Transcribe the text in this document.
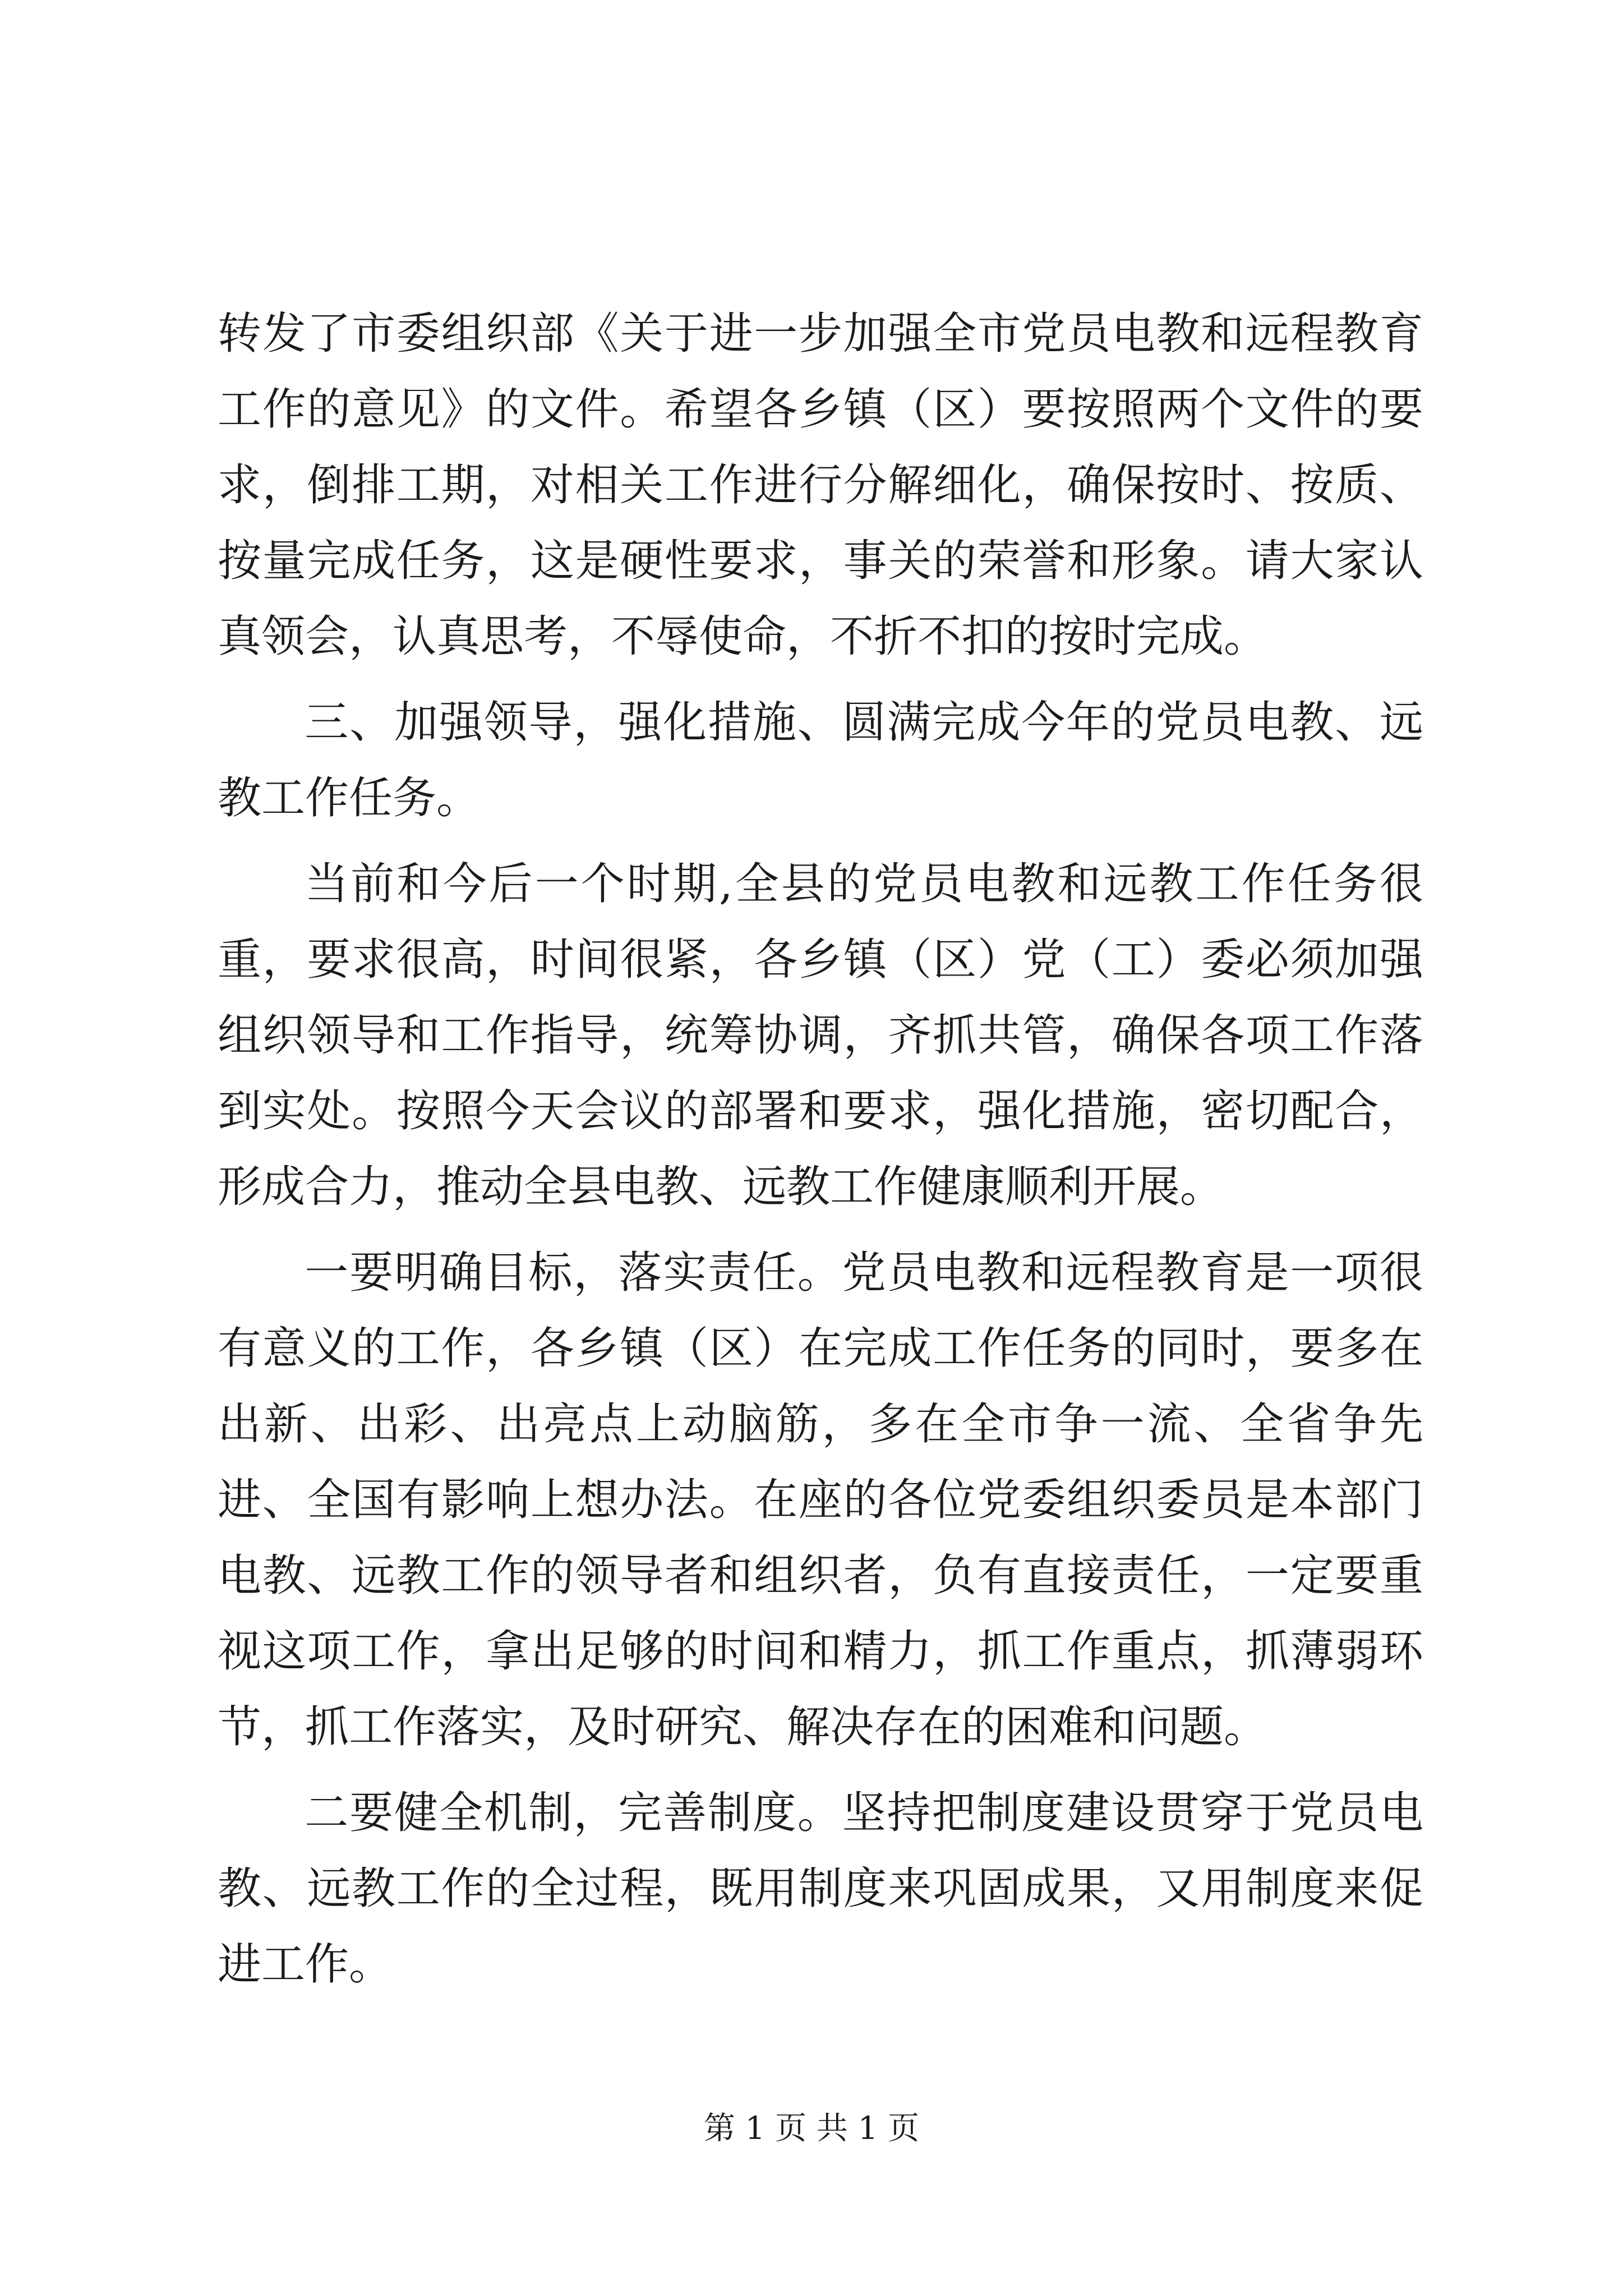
转发了市委组织部《关于进一步加强全市党员电教和远程教育工作的意见》的文件。希望各乡镇（区）要按照两个文件的要求，倒排工期，对相关工作进行分解细化，确保按时、按质、按量完成任务，这是硬性要求，事关的荣誉和形象。请大家认真领会，认真思考，不辱使命，不折不扣的按时完成。

三、加强领导，强化措施、圆满完成今年的党员电教、远教工作任务。

当前和今后一个时期,全县的党员电教和远教工作任务很重，要求很高，时间很紧，各乡镇（区）党（工）委必须加强组织领导和工作指导，统筹协调，齐抓共管，确保各项工作落到实处。按照今天会议的部署和要求，强化措施，密切配合，形成合力，推动全县电教、远教工作健康顺利开展。

一要明确目标，落实责任。党员电教和远程教育是一项很有意义的工作，各乡镇（区）在完成工作任务的同时，要多在出新、出彩、出亮点上动脑筋，多在全市争一流、全省争先进、全国有影响上想办法。在座的各位党委组织委员是本部门电教、远教工作的领导者和组织者，负有直接责任，一定要重视这项工作，拿出足够的时间和精力，抓工作重点，抓薄弱环节，抓工作落实，及时研究、解决存在的困难和问题。

二要健全机制，完善制度。坚持把制度建设贯穿于党员电教、远教工作的全过程，既用制度来巩固成果，又用制度来促进工作。

第 1 页 共 1 页
